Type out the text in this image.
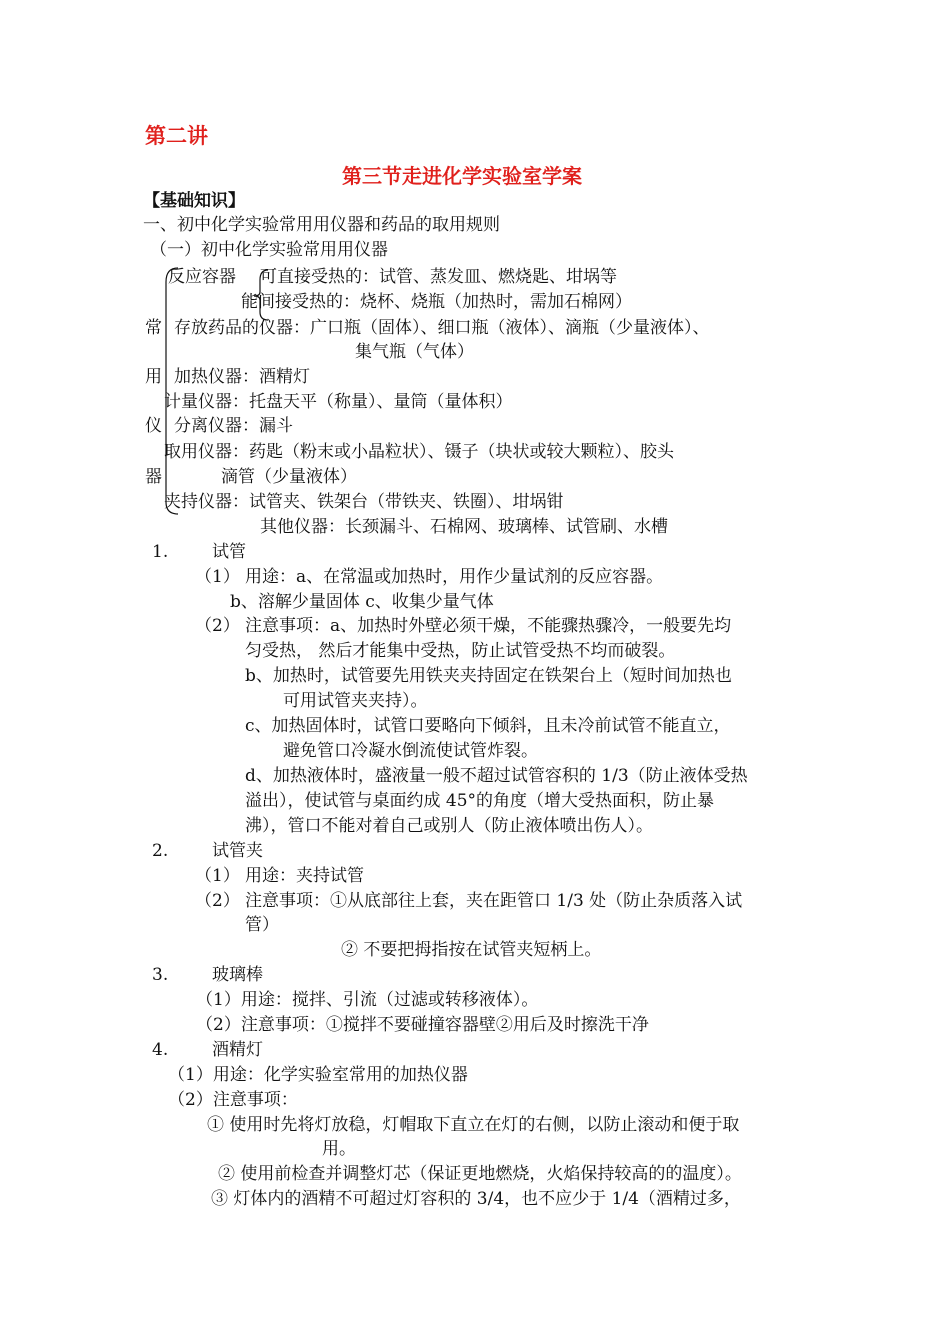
第二讲
第三节走进化学实验室学案
【基础知识】
一、初中化学实验常用用仪器和药品的取用规则
（一）初中化学实验常用用仪器
反应容器 可直接受热的：试管、蒸发皿、燃烧匙、坩埚等
能间接受热的：烧杯、烧瓶（加热时，需加石棉网）
常 存放药品的仪器：广口瓶（固体）、细口瓶（液体）、滴瓶（少量液体）、
集气瓶（气体）
用 加热仪器：酒精灯
计量仪器：托盘天平（称量）、量筒（量体积）
仪 分离仪器：漏斗
取用仪器：药匙（粉末或小晶粒状）、镊子（块状或较大颗粒）、胶头
器	滴管（少量液体）
夹持仪器：试管夹、铁架台（带铁夹、铁圈）、坩埚钳
其他仪器：长颈漏斗、石棉网、玻璃棒、试管刷、水槽
1.	试管
（1） 用途：a、在常温或加热时，用作少量试剂的反应容器。
b、溶解少量固体 c、收集少量气体
（2） 注意事项：a、加热时外壁必须干燥，不能骤热骤冷，一般要先均
匀受热， 然后才能集中受热，防止试管受热不均而破裂。
b、加热时，试管要先用铁夹夹持固定在铁架台上（短时间加热也
可用试管夹夹持）。
c、加热固体时，试管口要略向下倾斜，且未冷前试管不能直立，
避免管口冷凝水倒流使试管炸裂。
d、加热液体时，盛液量一般不超过试管容积的 1/3（防止液体受热
溢出），使试管与桌面约成 45°的角度（增大受热面积，防止暴
沸），管口不能对着自己或别人（防止液体喷出伤人）。
2.	试管夹
（1） 用途：夹持试管
（2） 注意事项：①从底部往上套，夹在距管口 1/3 处（防止杂质落入试
管）
② 不要把拇指按在试管夹短柄上。
3.	玻璃棒
（1）用途：搅拌、引流（过滤或转移液体）。
（2）注意事项：①搅拌不要碰撞容器壁②用后及时擦洗干净
4.	酒精灯
（1）用途：化学实验室常用的加热仪器
（2）注意事项：
① 使用时先将灯放稳，灯帽取下直立在灯的右侧，以防止滚动和便于取
用。
② 使用前检查并调整灯芯（保证更地燃烧，火焰保持较高的的温度）。
③ 灯体内的酒精不可超过灯容积的 3/4，也不应少于 1/4（酒精过多，
